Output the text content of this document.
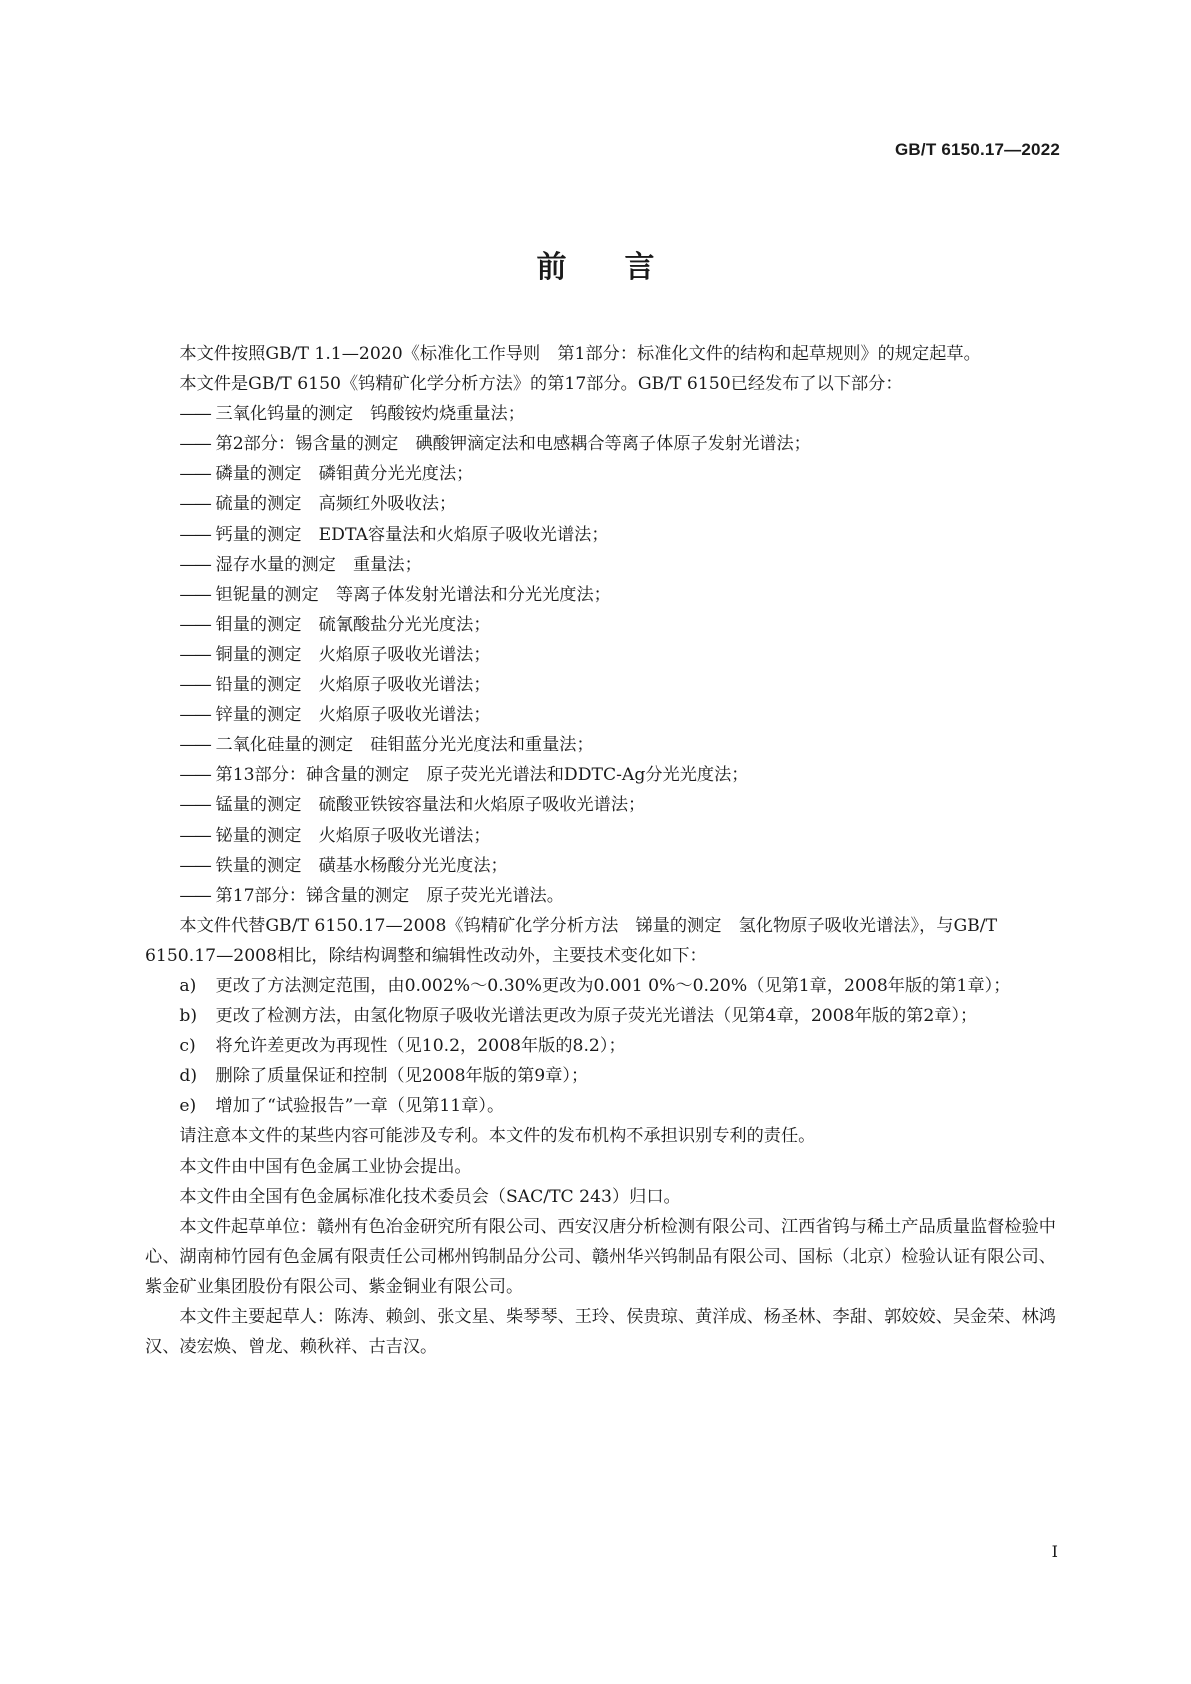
GB/T 6150.17—2022
前言

本文件按照GB/T 1.1—2020《标准化工作导则　第1部分：标准化文件的结构和起草规则》的规定起草。

本文件是GB/T 6150《钨精矿化学分析方法》的第17部分。GB/T 6150已经发布了以下部分：

—— 三氧化钨量的测定　钨酸铵灼烧重量法；

—— 第2部分：锡含量的测定　碘酸钾滴定法和电感耦合等离子体原子发射光谱法；

—— 磷量的测定　磷钼黄分光光度法；

—— 硫量的测定　高频红外吸收法；

—— 钙量的测定　EDTA容量法和火焰原子吸收光谱法；

—— 湿存水量的测定　重量法；

—— 钽铌量的测定　等离子体发射光谱法和分光光度法；

—— 钼量的测定　硫氰酸盐分光光度法；

—— 铜量的测定　火焰原子吸收光谱法；

—— 铅量的测定　火焰原子吸收光谱法；

—— 锌量的测定　火焰原子吸收光谱法；

—— 二氧化硅量的测定　硅钼蓝分光光度法和重量法；

—— 第13部分：砷含量的测定　原子荧光光谱法和DDTC-Ag分光光度法；

—— 锰量的测定　硫酸亚铁铵容量法和火焰原子吸收光谱法；

—— 铋量的测定　火焰原子吸收光谱法；

—— 铁量的测定　磺基水杨酸分光光度法；

—— 第17部分：锑含量的测定　原子荧光光谱法。

本文件代替GB/T 6150.17—2008《钨精矿化学分析方法　锑量的测定　氢化物原子吸收光谱法》，与GB/T 6150.17—2008相比，除结构调整和编辑性改动外，主要技术变化如下：

a) 更改了方法测定范围，由0.002%～0.30%更改为0.001 0%～0.20%（见第1章，2008年版的第1章）；

b) 更改了检测方法，由氢化物原子吸收光谱法更改为原子荧光光谱法（见第4章，2008年版的第2章）；

c) 将允许差更改为再现性（见10.2，2008年版的8.2）；

d) 删除了质量保证和控制（见2008年版的第9章）；

e) 增加了“试验报告”一章（见第11章）。

请注意本文件的某些内容可能涉及专利。本文件的发布机构不承担识别专利的责任。

本文件由中国有色金属工业协会提出。

本文件由全国有色金属标准化技术委员会（SAC/TC 243）归口。

本文件起草单位：赣州有色冶金研究所有限公司、西安汉唐分析检测有限公司、江西省钨与稀土产品质量监督检验中心、湖南柿竹园有色金属有限责任公司郴州钨制品分公司、赣州华兴钨制品有限公司、国标（北京）检验认证有限公司、紫金矿业集团股份有限公司、紫金铜业有限公司。

本文件主要起草人：陈涛、赖剑、张文星、柴琴琴、王玲、侯贵琼、黄洋成、杨圣林、李甜、郭姣姣、吴金荣、林鸿汉、凌宏焕、曾龙、赖秋祥、古吉汉。

I
